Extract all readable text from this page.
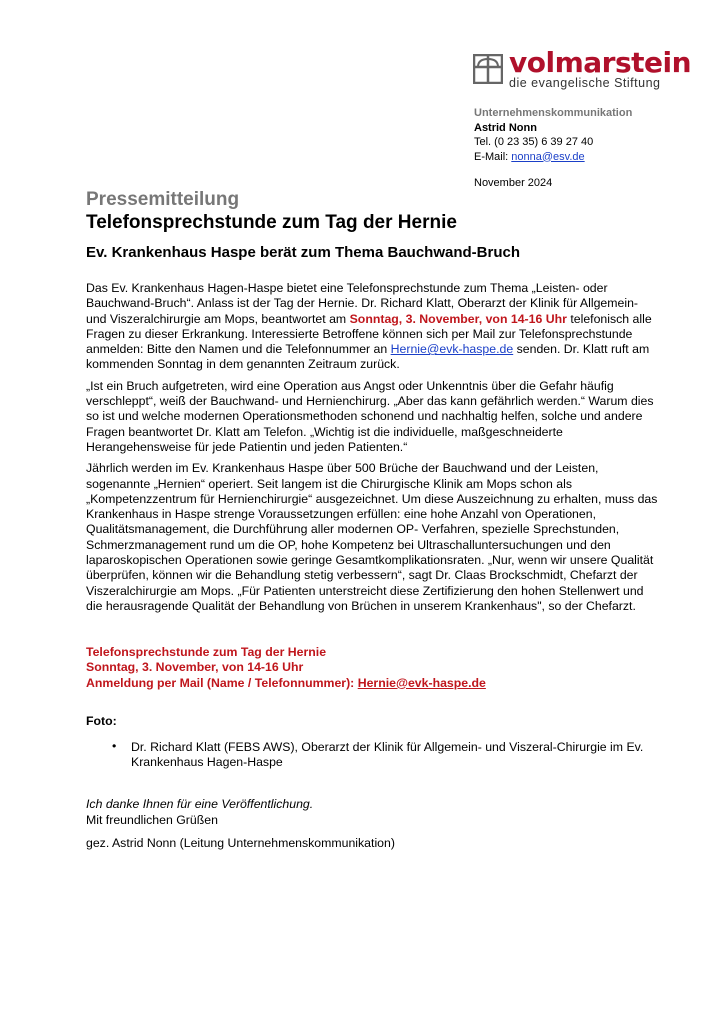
volmarstein
die evangelische Stiftung
Unternehmenskommunikation
Astrid Nonn
Tel. (0 23 35) 6 39 27 40
E-Mail: nonna@esv.de
November 2024
Pressemitteilung
Telefonsprechstunde zum Tag der Hernie
Ev. Krankenhaus Haspe berät zum Thema Bauchwand-Bruch

Das Ev. Krankenhaus Hagen-Haspe bietet eine Telefonsprechstunde zum Thema „Leisten- oder Bauchwand-Bruch“. Anlass ist der Tag der Hernie. Dr. Richard Klatt, Oberarzt der Klinik für Allgemein- und Viszeralchirurgie am Mops, beantwortet am Sonntag, 3. November, von 14-16 Uhr telefonisch alle Fragen zu dieser Erkrankung. Interessierte Betroffene können sich per Mail zur Telefonsprechstunde anmelden: Bitte den Namen und die Telefonnummer an Hernie@evk-haspe.de senden. Dr. Klatt ruft am kommenden Sonntag in dem genannten Zeitraum zurück.

„Ist ein Bruch aufgetreten, wird eine Operation aus Angst oder Unkenntnis über die Gefahr häufig verschleppt“, weiß der Bauchwand- und Hernienchirurg. „Aber das kann gefährlich werden.“ Warum dies so ist und welche modernen Operationsmethoden schonend und nachhaltig helfen, solche und andere Fragen beantwortet Dr. Klatt am Telefon. „Wichtig ist die individuelle, maßgeschneiderte Herangehensweise für jede Patientin und jeden Patienten.“

Jährlich werden im Ev. Krankenhaus Haspe über 500 Brüche der Bauchwand und der Leisten, sogenannte „Hernien“ operiert. Seit langem ist die Chirurgische Klinik am Mops schon als „Kompetenzzentrum für Hernienchirurgie“ ausgezeichnet. Um diese Auszeichnung zu erhalten, muss das Krankenhaus in Haspe strenge Voraussetzungen erfüllen: eine hohe Anzahl von Operationen, Qualitätsmanagement, die Durchführung aller modernen OP- Verfahren, spezielle Sprechstunden, Schmerzmanagement rund um die OP, hohe Kompetenz bei Ultraschalluntersuchungen und den laparoskopischen Operationen sowie geringe Gesamtkomplikationsraten. „Nur, wenn wir unsere Qualität überprüfen, können wir die Behandlung stetig verbessern“, sagt Dr. Claas Brockschmidt, Chefarzt der Viszeralchirurgie am Mops. „Für Patienten unterstreicht diese Zertifizierung den hohen Stellenwert und die herausragende Qualität der Behandlung von Brüchen in unserem Krankenhaus", so der Chefarzt.

Telefonsprechstunde zum Tag der Hernie
Sonntag, 3. November, von 14-16 Uhr
Anmeldung per Mail (Name / Telefonnummer): Hernie@evk-haspe.de
Foto:
• Dr. Richard Klatt (FEBS AWS), Oberarzt der Klinik für Allgemein- und Viszeral-Chirurgie im Ev. Krankenhaus Hagen-Haspe
Ich danke Ihnen für eine Veröffentlichung.
Mit freundlichen Grüßen
gez. Astrid Nonn (Leitung Unternehmenskommunikation)
